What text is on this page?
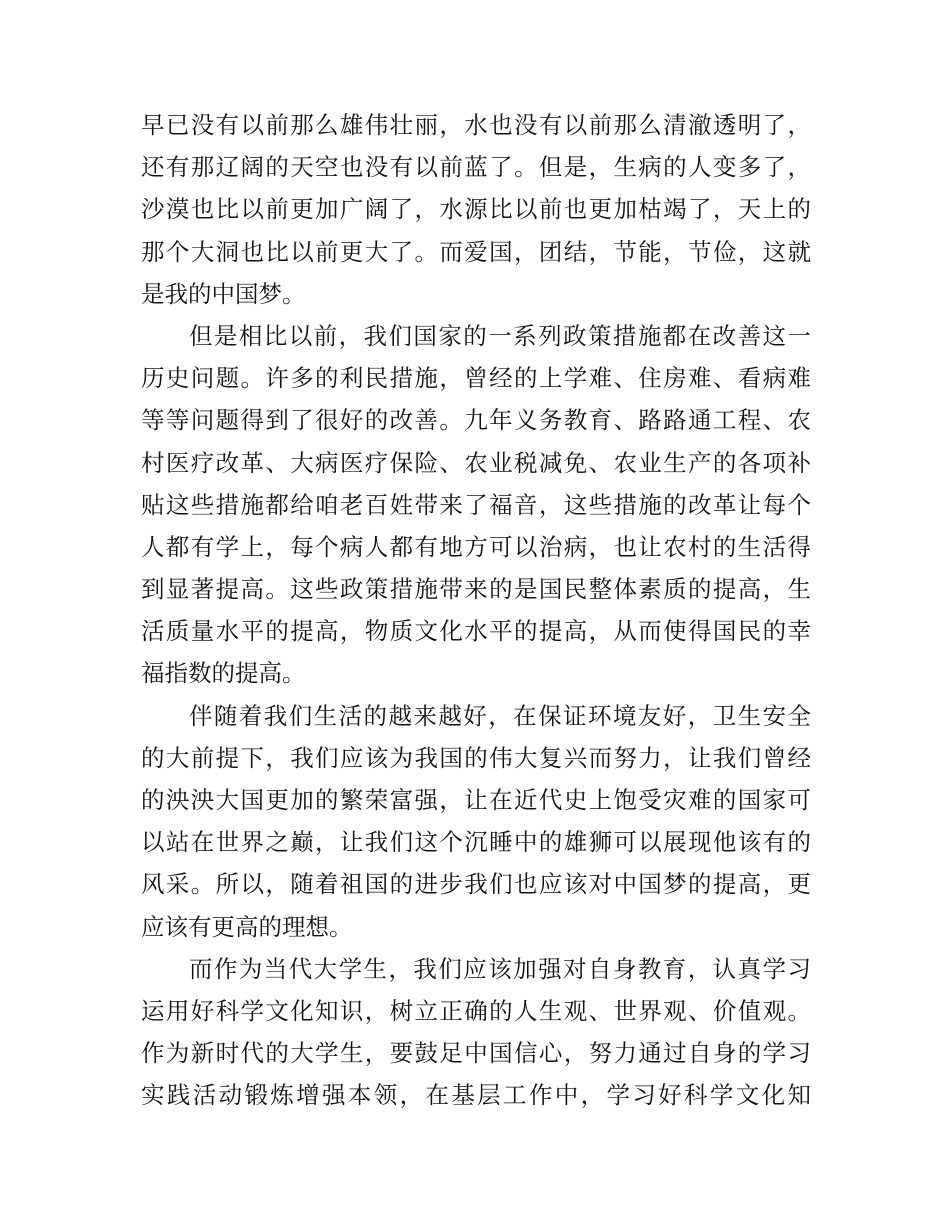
早已没有以前那么雄伟壮丽，水也没有以前那么清澈透明了，
还有那辽阔的天空也没有以前蓝了。但是，生病的人变多了，
沙漠也比以前更加广阔了，水源比以前也更加枯竭了，天上的
那个大洞也比以前更大了。而爱国，团结，节能，节俭，这就
是我的中国梦。
但是相比以前，我们国家的一系列政策措施都在改善这一
历史问题。许多的利民措施，曾经的上学难、住房难、看病难
等等问题得到了很好的改善。九年义务教育、路路通工程、农
村医疗改革、大病医疗保险、农业税减免、农业生产的各项补
贴这些措施都给咱老百姓带来了福音，这些措施的改革让每个
人都有学上，每个病人都有地方可以治病，也让农村的生活得
到显著提高。这些政策措施带来的是国民整体素质的提高，生
活质量水平的提高，物质文化水平的提高，从而使得国民的幸
福指数的提高。
伴随着我们生活的越来越好，在保证环境友好，卫生安全
的大前提下，我们应该为我国的伟大复兴而努力，让我们曾经
的泱泱大国更加的繁荣富强，让在近代史上饱受灾难的国家可
以站在世界之巅，让我们这个沉睡中的雄狮可以展现他该有的
风采。所以，随着祖国的进步我们也应该对中国梦的提高，更
应该有更高的理想。
而作为当代大学生，我们应该加强对自身教育，认真学习
运用好科学文化知识，树立正确的人生观、世界观、价值观。
作为新时代的大学生，要鼓足中国信心，努力通过自身的学习
实践活动锻炼增强本领，在基层工作中，学习好科学文化知
